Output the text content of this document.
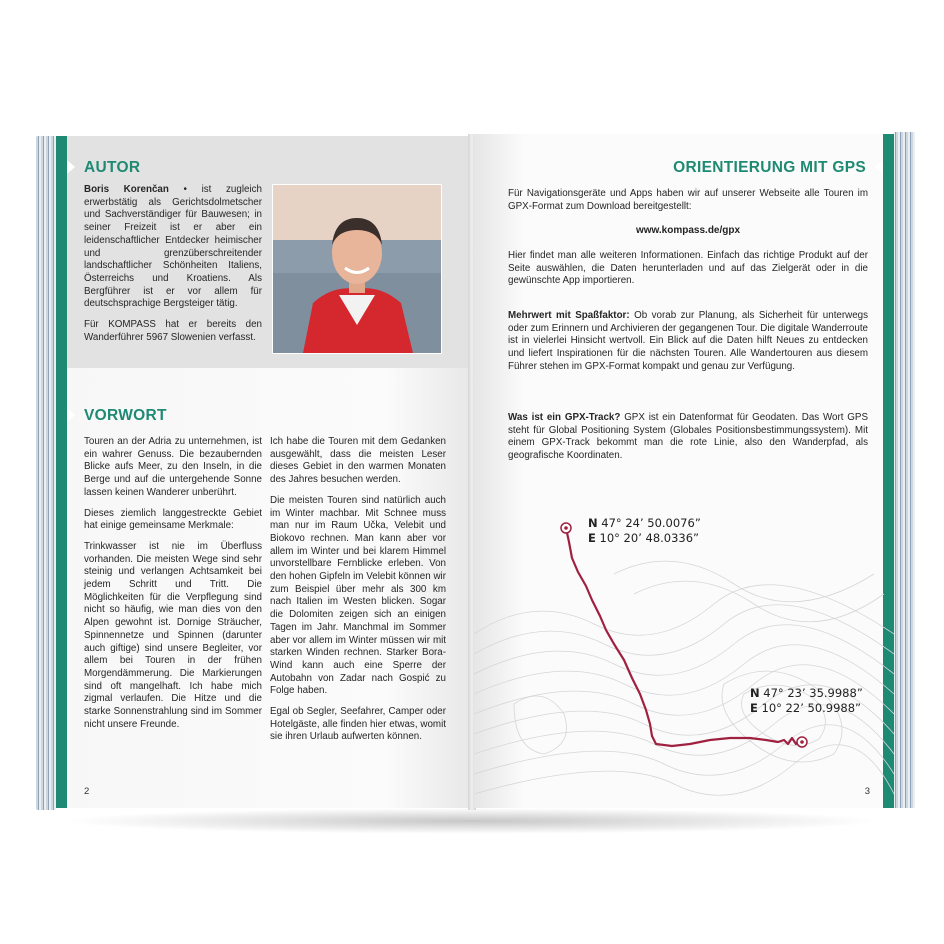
AUTOR

Boris Korenčan • ist zugleich erwerbstätig als Gerichtsdolmetscher und Sachverständiger für Bauwesen; in seiner Freizeit ist er aber ein leidenschaftlicher Entdecker heimischer und grenzüberschreitender landschaftlicher Schönheiten Italiens, Österreichs und Kroatiens. Als Bergführer ist er vor allem für deutschsprachige Bergsteiger tätig.

Für KOMPASS hat er bereits den Wanderführer 5967 Slowenien verfasst.

VORWORT

Touren an der Adria zu unternehmen, ist ein wahrer Genuss. Die bezaubernden Blicke aufs Meer, zu den Inseln, in die Berge und auf die untergehende Sonne lassen keinen Wanderer unberührt.

Dieses ziemlich langgestreckte Gebiet hat einige gemeinsame Merkmale:

Trinkwasser ist nie im Überfluss vorhanden. Die meisten Wege sind sehr steinig und verlangen Achtsamkeit bei jedem Schritt und Tritt. Die Möglichkeiten für die Verpflegung sind nicht so häufig, wie man dies von den Alpen gewohnt ist. Dornige Sträucher, Spinnennetze und Spinnen (darunter auch giftige) sind unsere Begleiter, vor allem bei Touren in der frühen Morgendämmerung. Die Markierungen sind oft mangelhaft. Ich habe mich zigmal verlaufen. Die Hitze und die starke Sonnenstrahlung sind im Sommer nicht unsere Freunde.

Ich habe die Touren mit dem Gedanken ausgewählt, dass die meisten Leser dieses Gebiet in den warmen Monaten des Jahres besuchen werden.

Die meisten Touren sind natürlich auch im Winter machbar. Mit Schnee muss man nur im Raum Učka, Velebit und Biokovo rechnen. Man kann aber vor allem im Winter und bei klarem Himmel unvorstellbare Fernblicke erleben. Von den hohen Gipfeln im Velebit können wir zum Beispiel über mehr als 300 km nach Italien im Westen blicken. Sogar die Dolomiten zeigen sich an einigen Tagen im Jahr. Manchmal im Sommer aber vor allem im Winter müssen wir mit starken Winden rechnen. Starker Bora-Wind kann auch eine Sperre der Autobahn von Zadar nach Gospić zu Folge haben.

Egal ob Segler, Seefahrer, Camper oder Hotelgäste, alle finden hier etwas, womit sie ihren Urlaub aufwerten können.

2
ORIENTIERUNG MIT GPS
Für Navigationsgeräte und Apps haben wir auf unserer Webseite alle Touren im GPX-Format zum Download bereitgestellt:
www.kompass.de/gpx
Hier findet man alle weiteren Informationen. Einfach das richtige Produkt auf der Seite auswählen, die Daten herunterladen und auf das Zielgerät oder in die gewünschte App importieren.
Mehrwert mit Spaßfaktor: Ob vorab zur Planung, als Sicherheit für unterwegs oder zum Erinnern und Archivieren der gegangenen Tour. Die digitale Wanderroute ist in vielerlei Hinsicht wertvoll. Ein Blick auf die Daten hilft Neues zu entdecken und liefert Inspirationen für die nächsten Touren. Alle Wandertouren aus diesem Führer stehen im GPX-Format kompakt und genau zur Verfügung.
Was ist ein GPX-Track? GPX ist ein Datenformat für Geodaten. Das Wort GPS steht für Global Positioning System (Globales Positionsbestimmungssystem). Mit einem GPX-Track bekommt man die rote Linie, also den Wanderpfad, als geografische Koordinaten.
N 47° 24’ 50.0076”
E 10° 20’ 48.0336”
N 47° 23’ 35.9988”
E 10° 22’ 50.9988”
3
